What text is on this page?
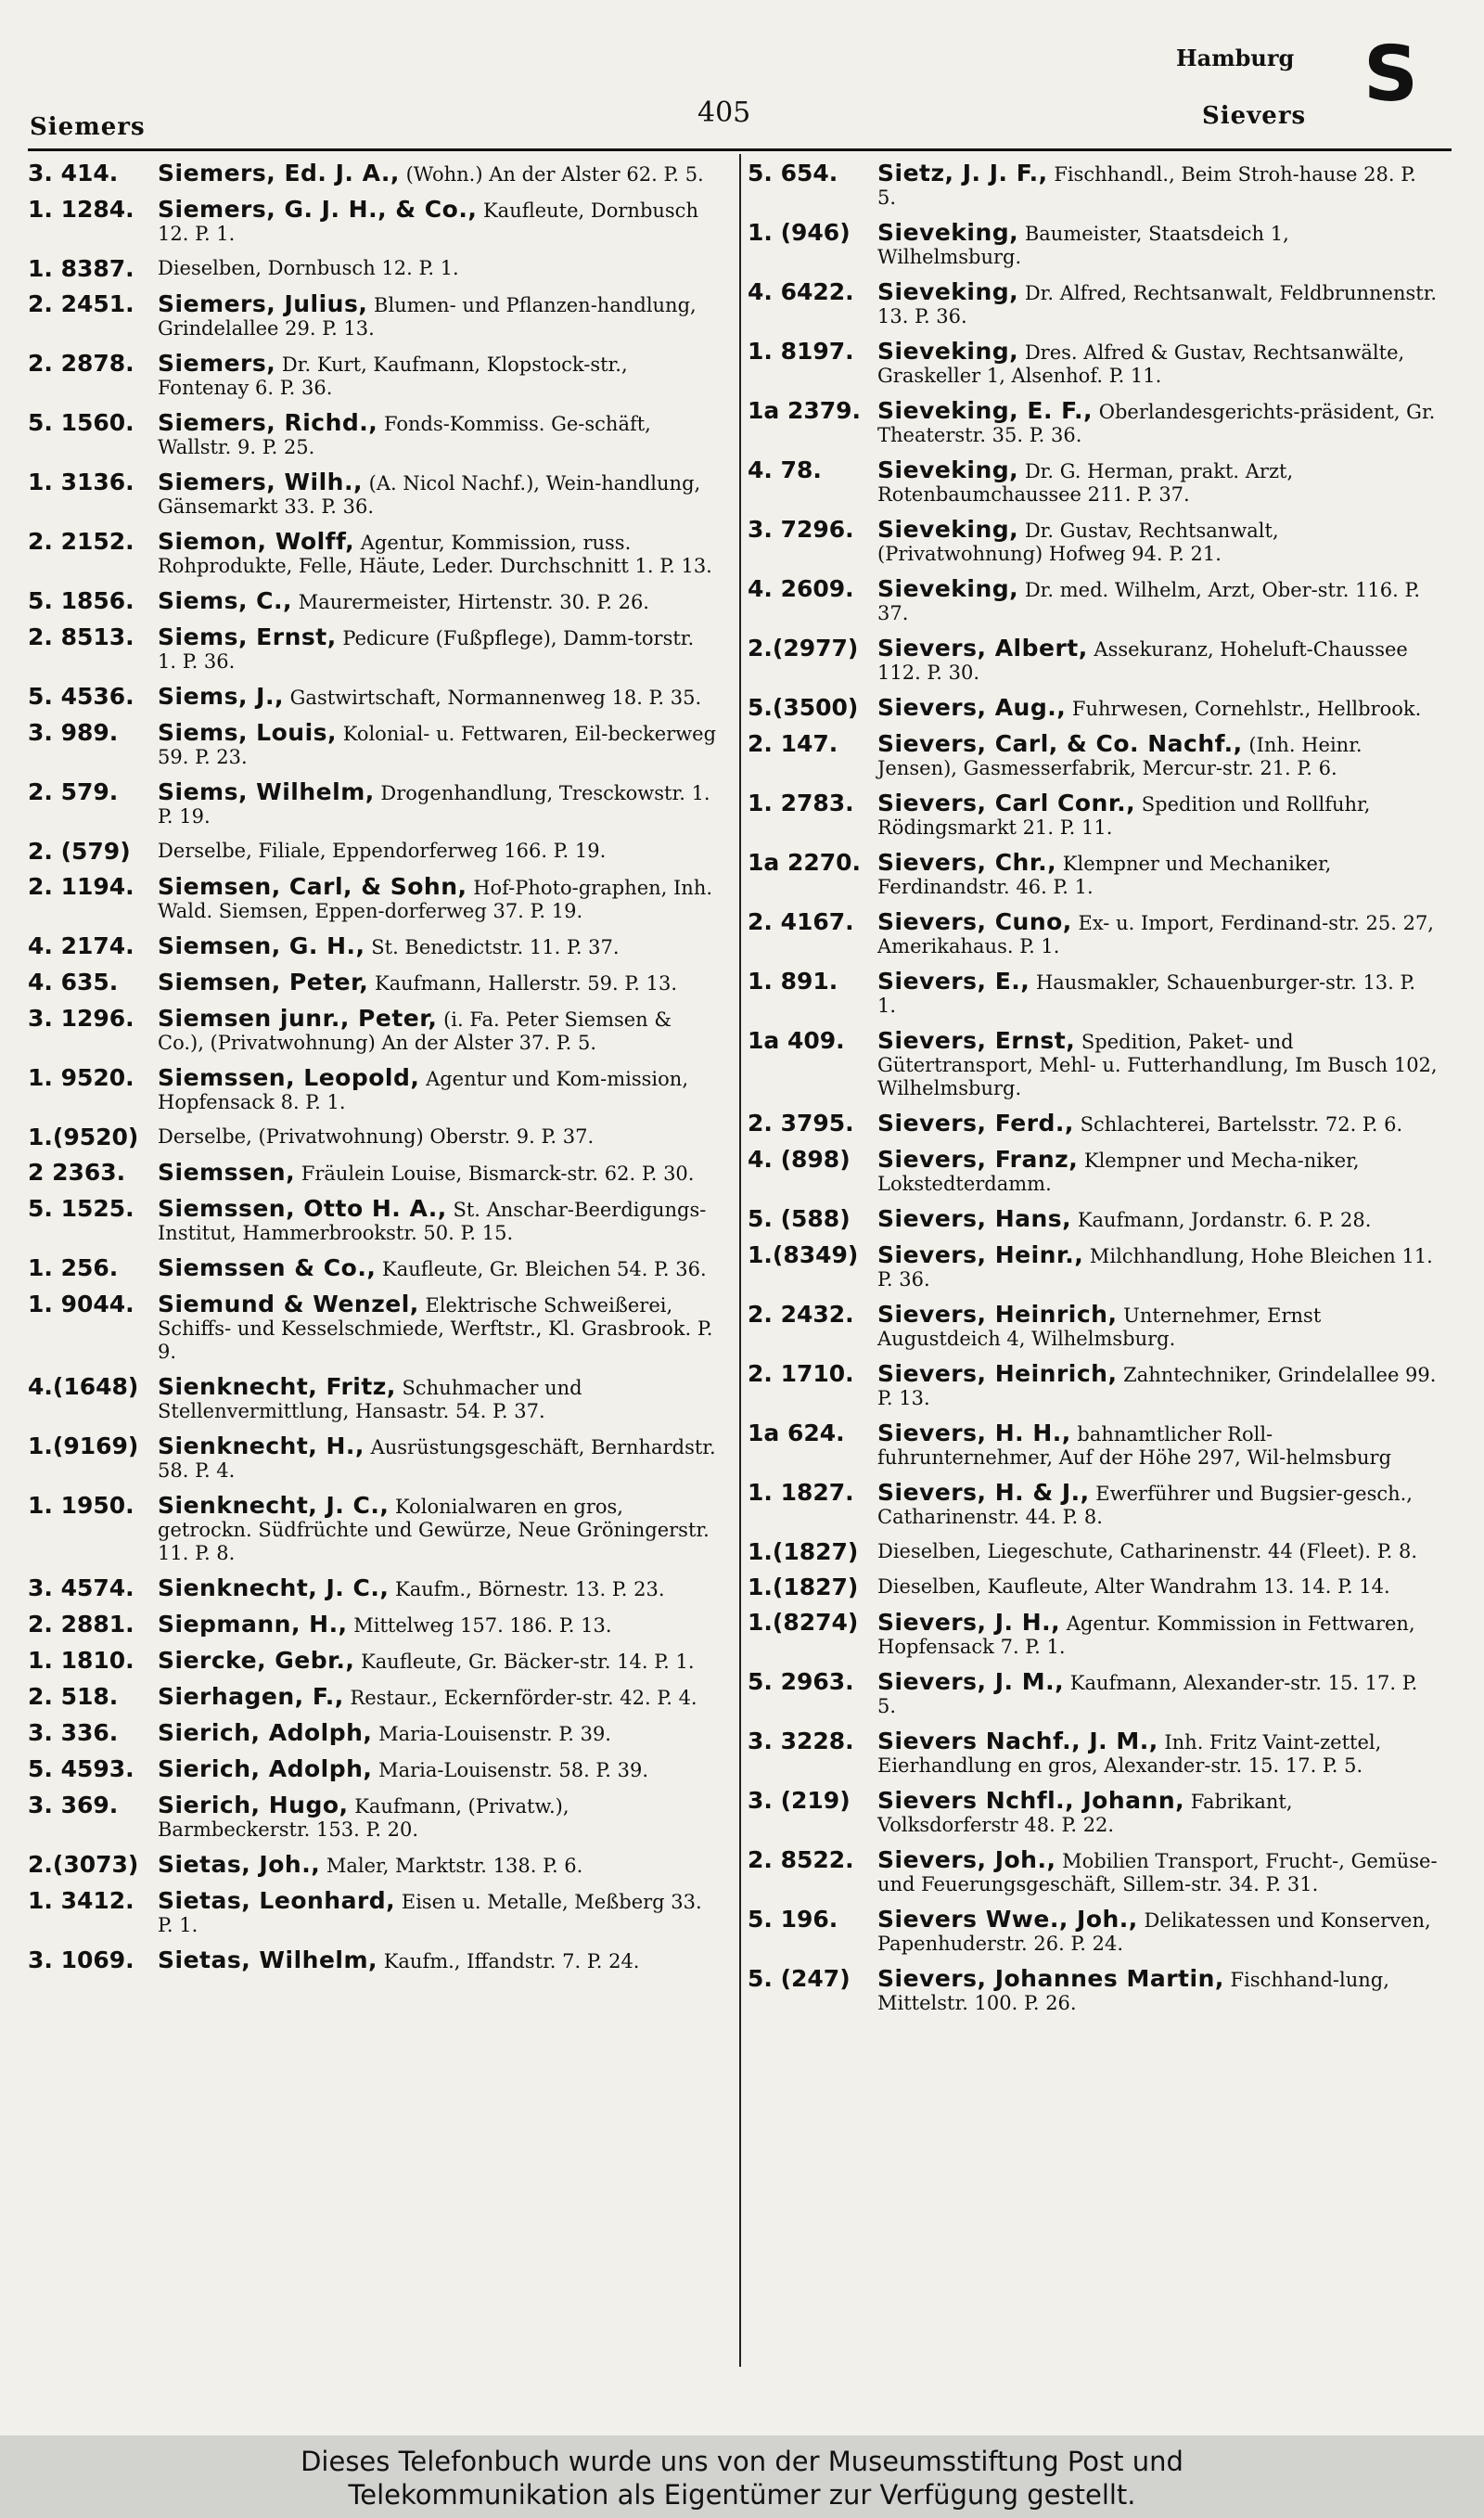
Siemers	405
Hamburg
Sievers S
3. 414.	Siemers, Ed. J. A., (Wohn.) An der Alster 62. P. 5.
1. 1284.	Siemers, G. J. H., & Co., Kaufleute, Dornbusch 12. P. 1.
1. 8387.	Dieselben, Dornbusch 12. P. 1.
2. 2451.	Siemers, Julius, Blumen- und Pflanzen-handlung, Grindelallee 29. P. 13.
2. 2878.	Siemers, Dr. Kurt, Kaufmann, Klopstock-str., Fontenay 6. P. 36.
5. 1560.	Siemers, Richd., Fonds-Kommiss. Ge-schäft, Wallstr. 9. P. 25.
1. 3136.	Siemers, Wilh., (A. Nicol Nachf.), Wein-handlung, Gänsemarkt 33. P. 36.
2. 2152.	Siemon, Wolff, Agentur, Kommission, russ. Rohprodukte, Felle, Häute, Leder. Durchschnitt 1. P. 13.
5. 1856.	Siems, C., Maurermeister, Hirtenstr. 30. P. 26.
2. 8513.	Siems, Ernst, Pedicure (Fußpflege), Damm-torstr. 1. P. 36.
5. 4536.	Siems, J., Gastwirtschaft, Normannenweg 18. P. 35.
3. 989.	Siems, Louis, Kolonial- u. Fettwaren, Eil-beckerweg 59. P. 23.
2. 579.	Siems, Wilhelm, Drogenhandlung, Tresckowstr. 1. P. 19.
2. (579)	Derselbe, Filiale, Eppendorferweg 166. P. 19.
2. 1194.	Siemsen, Carl, & Sohn, Hof-Photo-graphen, Inh. Wald. Siemsen, Eppen-dorferweg 37. P. 19.
4. 2174.	Siemsen, G. H., St. Benedictstr. 11. P. 37.
4. 635.	Siemsen, Peter, Kaufmann, Hallerstr. 59. P. 13.
3. 1296.	Siemsen junr., Peter, (i. Fa. Peter Siemsen & Co.), (Privatwohnung) An der Alster 37. P. 5.
1. 9520.	Siemssen, Leopold, Agentur und Kom-mission, Hopfensack 8. P. 1.
1.(9520) Derselbe, (Privatwohnung) Oberstr. 9. P. 37.
2 2363.	Siemssen, Fräulein Louise, Bismarck-str. 62. P. 30.
5. 1525.	Siemssen, Otto H. A., St. Anschar-Beerdigungs-Institut, Hammerbrookstr. 50. P. 15.
1. 256.	Siemssen & Co., Kaufleute, Gr. Bleichen 54. P. 36.
1. 9044.	Siemund & Wenzel, Elektrische Schweißerei, Schiffs- und Kesselschmiede, Werftstr., Kl. Grasbrook. P. 9.
4.(1648) Sienknecht, Fritz, Schuhmacher und Stellenvermittlung, Hansastr. 54. P. 37.
1.(9169) Sienknecht, H., Ausrüstungsgeschäft, Bernhardstr. 58. P. 4.
1. 1950.	Sienknecht, J. C., Kolonialwaren en gros, getrockn. Südfrüchte und Gewürze, Neue Gröningerstr. 11. P. 8.
3. 4574.	Sienknecht, J. C., Kaufm., Börnestr. 13. P. 23.
2. 2881.	Siepmann, H., Mittelweg 157. 186. P. 13.
1. 1810.	Siercke, Gebr., Kaufleute, Gr. Bäcker-str. 14. P. 1.
2. 518.	Sierhagen, F., Restaur., Eckernförder-str. 42. P. 4.
3. 336.	Sierich, Adolph, Maria-Louisenstr. P. 39.
5. 4593.	Sierich, Adolph, Maria-Louisenstr. 58. P. 39.
3. 369.	Sierich, Hugo, Kaufmann, (Privatw.), Barmbeckerstr. 153. P. 20.
2.(3073) Sietas, Joh., Maler, Marktstr. 138. P. 6.
1. 3412.	Sietas, Leonhard, Eisen u. Metalle, Meßberg 33. P. 1.
3. 1069.	Sietas, Wilhelm, Kaufm., Iffandstr. 7. P. 24.
5. 654.	Sietz, J. J. F., Fischhandl., Beim Stroh-hause 28. P. 5.
1. (946)	Sieveking, Baumeister, Staatsdeich 1, Wilhelmsburg.
4. 6422.	Sieveking, Dr. Alfred, Rechtsanwalt, Feldbrunnenstr. 13. P. 36.
1. 8197.	Sieveking, Dres. Alfred & Gustav, Rechtsanwälte, Graskeller 1, Alsenhof. P. 11.
1a 2379. Sieveking, E. F., Oberlandesgerichts-präsident, Gr. Theaterstr. 35. P. 36.
4. 78.	Sieveking, Dr. G. Herman, prakt. Arzt, Rotenbaumchaussee 211. P. 37.
3. 7296.	Sieveking, Dr. Gustav, Rechtsanwalt, (Privatwohnung) Hofweg 94. P. 21.
4. 2609.	Sieveking, Dr. med. Wilhelm, Arzt, Ober-str. 116. P. 37.
2.(2977) Sievers, Albert, Assekuranz, Hoheluft-Chaussee 112. P. 30.
5.(3500) Sievers, Aug., Fuhrwesen, Cornehlstr., Hellbrook.
2. 147.	Sievers, Carl, & Co. Nachf., (Inh. Heinr. Jensen), Gasmesserfabrik, Mercur-str. 21. P. 6.
1. 2783.	Sievers, Carl Conr., Spedition und Rollfuhr, Rödingsmarkt 21. P. 11.
1a 2270. Sievers, Chr., Klempner und Mechaniker, Ferdinandstr. 46. P. 1.
2. 4167.	Sievers, Cuno, Ex- u. Import, Ferdinand-str. 25. 27, Amerikahaus. P. 1.
1. 891.	Sievers, E., Hausmakler, Schauenburger-str. 13. P. 1.
1a 409.	Sievers, Ernst, Spedition, Paket- und Gütertransport, Mehl- u. Futterhandlung, Im Busch 102, Wilhelmsburg.
2. 3795.	Sievers, Ferd., Schlachterei, Bartelsstr. 72. P. 6.
4. (898)	Sievers, Franz, Klempner und Mecha-niker, Lokstedterdamm.
5. (588)	Sievers, Hans, Kaufmann, Jordanstr. 6. P. 28.
1.(8349) Sievers, Heinr., Milchhandlung, Hohe Bleichen 11. P. 36.
2. 2432.	Sievers, Heinrich, Unternehmer, Ernst Augustdeich 4, Wilhelmsburg.
2. 1710.	Sievers, Heinrich, Zahntechniker, Grindelallee 99. P. 13.
1a 624.	Sievers, H. H., bahnamtlicher Roll-fuhrunternehmer, Auf der Höhe 297, Wil-helmsburg
1. 1827.	Sievers, H. & J., Ewerführer und Bugsier-gesch., Catharinenstr. 44. P. 8.
1.(1827) Dieselben, Liegeschute, Catharinenstr. 44 (Fleet). P. 8.
1.(1827) Dieselben, Kaufleute, Alter Wandrahm 13. 14. P. 14.
1.(8274) Sievers, J. H., Agentur. Kommission in Fettwaren, Hopfensack 7. P. 1.
5. 2963.	Sievers, J. M., Kaufmann, Alexander-str. 15. 17. P. 5.
3. 3228.	Sievers Nachf., J. M., Inh. Fritz Vaint-zettel, Eierhandlung en gros, Alexander-str. 15. 17. P. 5.
3. (219)	Sievers Nchfl., Johann, Fabrikant, Volksdorferstr 48. P. 22.
2. 8522.	Sievers, Joh., Mobilien Transport, Frucht-, Gemüse- und Feuerungsgeschäft, Sillem-str. 34. P. 31.
5. 196.	Sievers Wwe., Joh., Delikatessen und Konserven, Papenhuderstr. 26. P. 24.
5. (247)	Sievers, Johannes Martin, Fischhand-lung, Mittelstr. 100. P. 26.
Dieses Telefonbuch wurde uns von der Museumsstiftung Post und
Telekommunikation als Eigentümer zur Verfügung gestellt.
